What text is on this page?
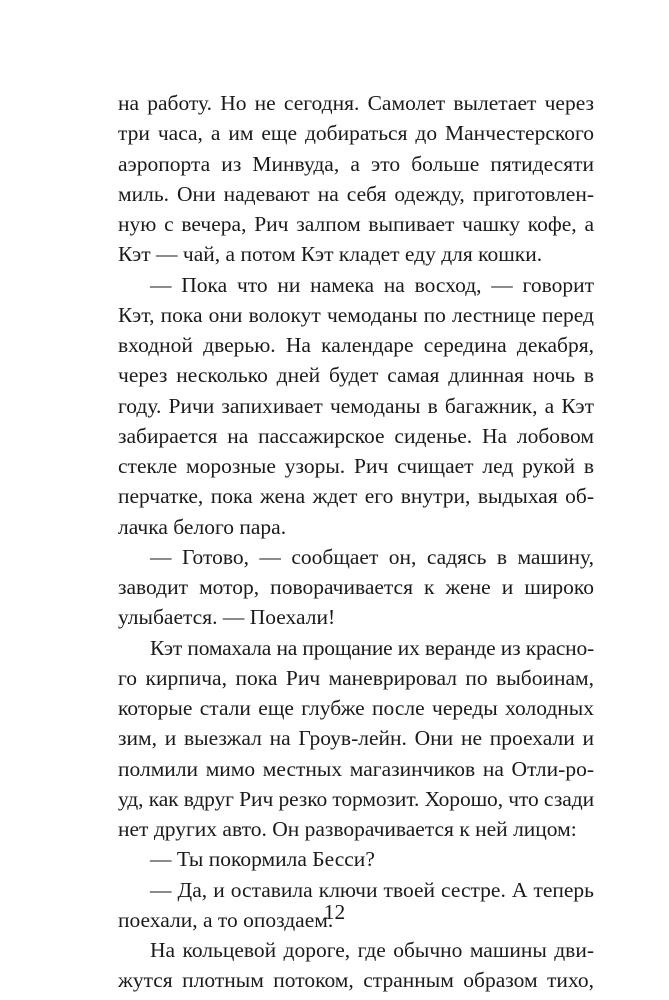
на работу. Но не сегодня. Самолет вылетает через
три часа, а им еще добираться до Манчестерского
аэропорта из Минвуда, а это больше пятидесяти
миль. Они надевают на себя одежду, приготовлен-
ную с вечера, Рич залпом выпивает чашку кофе, а
Кэт — чай, а потом Кэт кладет еду для кошки.
— Пока что ни намека на восход, — говорит
Кэт, пока они волокут чемоданы по лестнице перед
входной дверью. На календаре середина декабря,
через несколько дней будет самая длинная ночь в
году. Ричи запихивает чемоданы в багажник, а Кэт
забирается на пассажирское сиденье. На лобовом
стекле морозные узоры. Рич счищает лед рукой в
перчатке, пока жена ждет его внутри, выдыхая об-
лачка белого пара.
— Готово, — сообщает он, садясь в машину,
заводит мотор, поворачивается к жене и широко
улыбается. — Поехали!
Кэт помахала на прощание их веранде из красно-
го кирпича, пока Рич маневрировал по выбоинам,
которые стали еще глубже после череды холодных
зим, и выезжал на Гроув-лейн. Они не проехали и
полмили мимо местных магазинчиков на Отли-ро-
уд, как вдруг Рич резко тормозит. Хорошо, что сзади
нет других авто. Он разворачивается к ней лицом:
— Ты покормила Бесси?
— Да, и оставила ключи твоей сестре. А теперь
поехали, а то опоздаем.
На кольцевой дороге, где обычно машины дви-
жутся плотным потоком, странным образом тихо,
12
